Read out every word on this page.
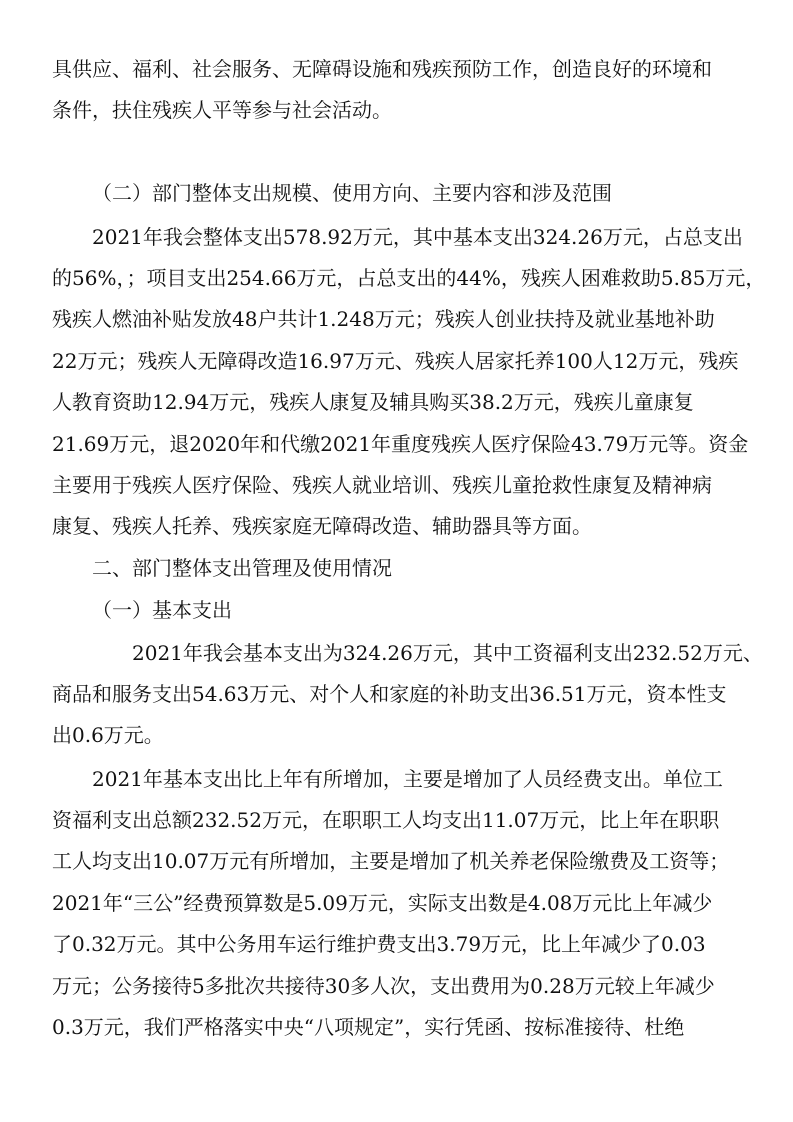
具供应、福利、社会服务、无障碍设施和残疾预防工作，创造良好的环境和
条件，扶住残疾人平等参与社会活动。
（二）部门整体支出规模、使用方向、主要内容和涉及范围
2021年我会整体支出578.92万元，其中基本支出324.26万元，占总支出
的56%，；项目支出254.66万元，占总支出的44%，残疾人困难救助5.85万元，
残疾人燃油补贴发放48户共计1.248万元；残疾人创业扶持及就业基地补助
22万元；残疾人无障碍改造16.97万元、残疾人居家托养100人12万元，残疾
人教育资助12.94万元，残疾人康复及辅具购买38.2万元，残疾儿童康复
21.69万元，退2020年和代缴2021年重度残疾人医疗保险43.79万元等。资金
主要用于残疾人医疗保险、残疾人就业培训、残疾儿童抢救性康复及精神病
康复、残疾人托养、残疾家庭无障碍改造、辅助器具等方面。
二、部门整体支出管理及使用情况
（一）基本支出
2021年我会基本支出为324.26万元，其中工资福利支出232.52万元、
商品和服务支出54.63万元、对个人和家庭的补助支出36.51万元，资本性支
出0.6万元。
2021年基本支出比上年有所增加，主要是增加了人员经费支出。单位工
资福利支出总额232.52万元，在职职工人均支出11.07万元，比上年在职职
工人均支出10.07万元有所增加，主要是增加了机关养老保险缴费及工资等；
2021年“三公”经费预算数是5.09万元，实际支出数是4.08万元比上年减少
了0.32万元。其中公务用车运行维护费支出3.79万元，比上年减少了0.03
万元；公务接待5多批次共接待30多人次，支出费用为0.28万元较上年减少
0.3万元，我们严格落实中央“八项规定”，实行凭函、按标准接待、杜绝
